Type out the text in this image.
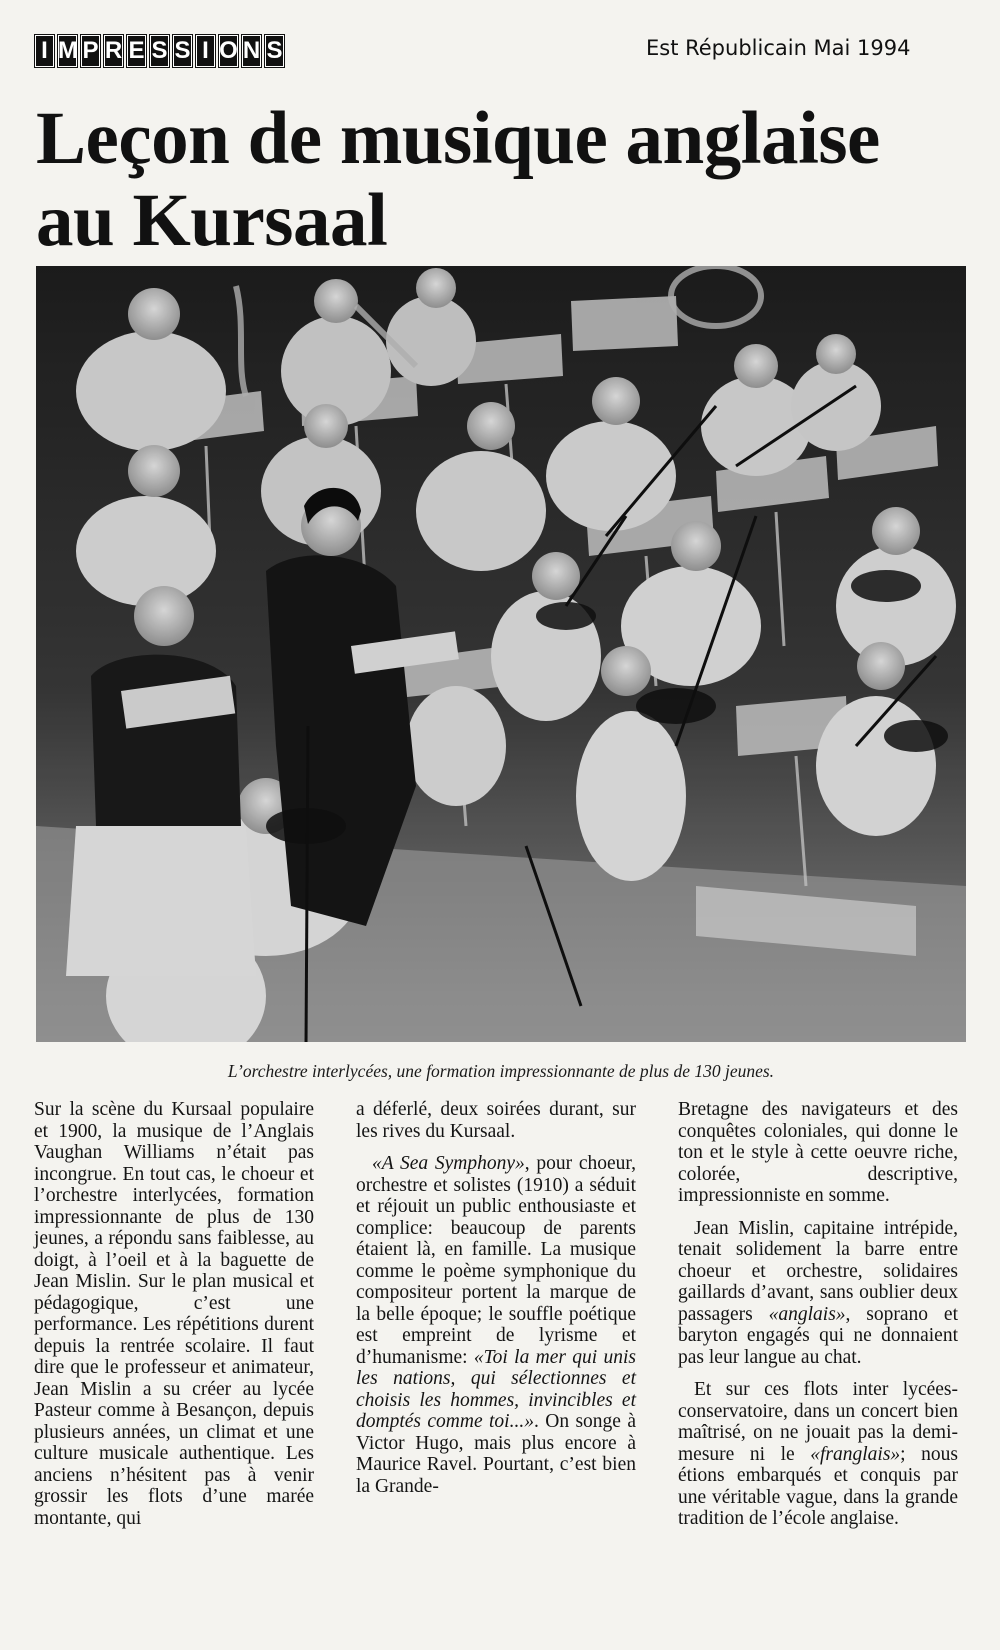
I M P R E S S I O N S	Est Républicain Mai 1994
Leçon de musique anglaise au Kursaal
L’orchestre interlycées, une formation impressionnante de plus de 130 jeunes.

Sur la scène du Kursaal populaire et 1900, la musique de l’Anglais Vaughan Williams n’était pas incongrue. En tout cas, le choeur et l’orchestre interlycées, formation impressionnante de plus de 130 jeunes, a répondu sans faiblesse, au doigt, à l’oeil et à la baguette de Jean Mislin. Sur le plan musical et pédagogique, c’est une performance. Les répétitions durent depuis la rentrée scolaire. Il faut dire que le professeur et animateur, Jean Mislin a su créer au lycée Pasteur comme à Besançon, depuis plusieurs années, un climat et une culture musicale authentique. Les anciens n’hésitent pas à venir grossir les flots d’une marée montante, qui

a déferlé, deux soirées durant, sur les rives du Kursaal.

«A Sea Symphony», pour choeur, orchestre et solistes (1910) a séduit et réjouit un public enthousiaste et complice: beaucoup de parents étaient là, en famille. La musique comme le poème symphonique du compositeur portent la marque de la belle époque; le souffle poétique est empreint de lyrisme et d’humanisme: «Toi la mer qui unis les nations, qui sélectionnes et choisis les hommes, invincibles et domptés comme toi...». On songe à Victor Hugo, mais plus encore à Maurice Ravel. Pourtant, c’est bien la Grande-

Bretagne des navigateurs et des conquêtes coloniales, qui donne le ton et le style à cette oeuvre riche, colorée, descriptive, impressionniste en somme.

Jean Mislin, capitaine intrépide, tenait solidement la barre entre choeur et orchestre, solidaires gaillards d’avant, sans oublier deux passagers «anglais», soprano et baryton engagés qui ne donnaient pas leur langue au chat.

Et sur ces flots inter lycées-conservatoire, dans un concert bien maîtrisé, on ne jouait pas la demi-mesure ni le «franglais»; nous étions embarqués et conquis par une véritable vague, dans la grande tradition de l’école anglaise.
